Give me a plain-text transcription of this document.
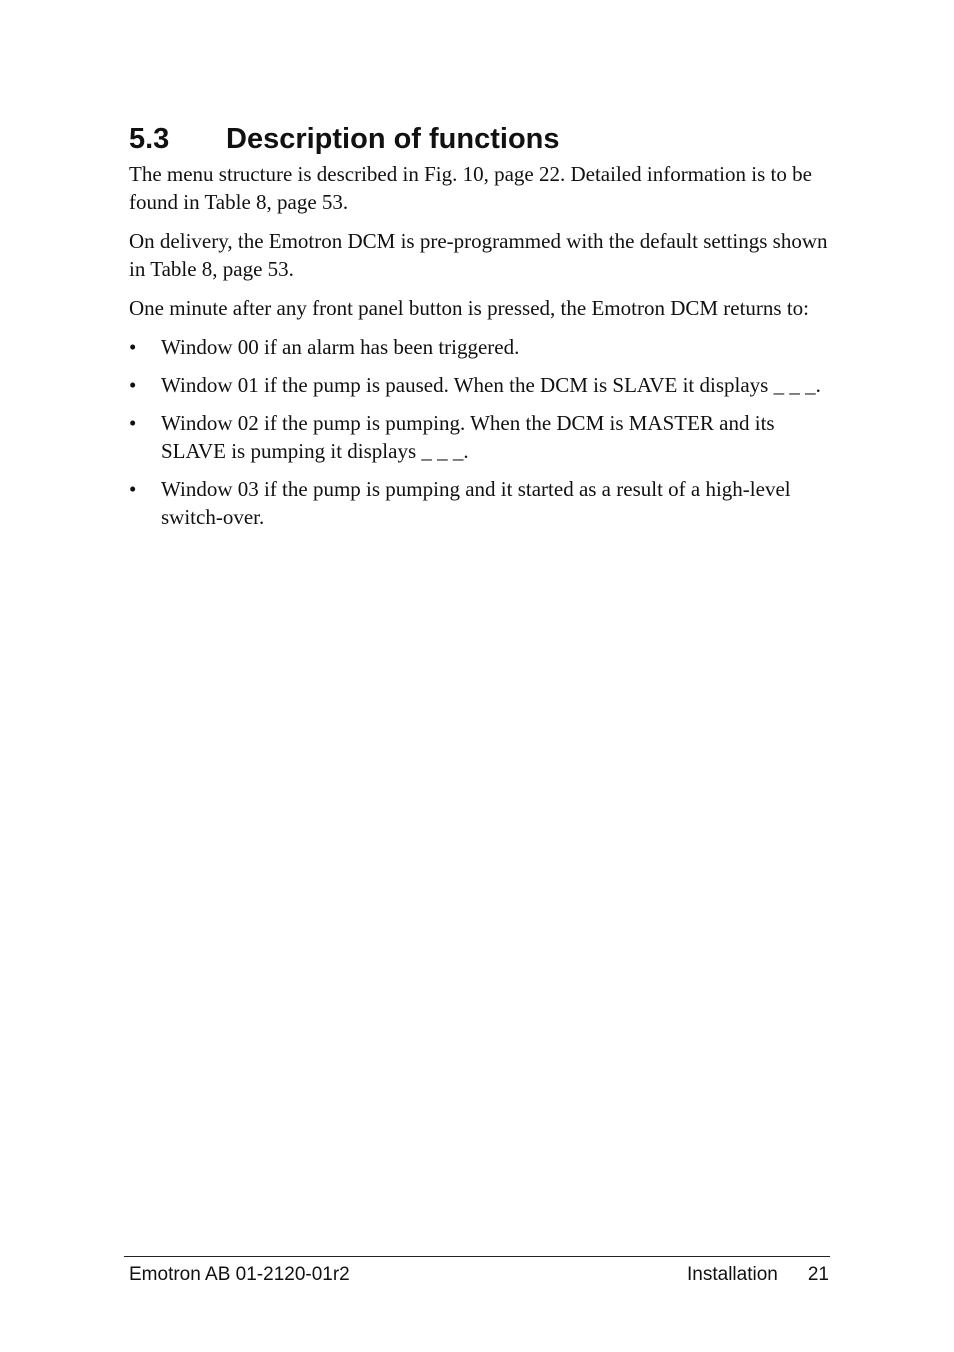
5.3 Description of functions

The menu structure is described in Fig. 10, page 22. Detailed information is to be found in Table 8, page 53.

On delivery, the Emotron DCM is pre-programmed with the default settings shown in Table 8, page 53.

One minute after any front panel button is pressed, the Emotron DCM returns to:

• Window 00 if an alarm has been triggered.
• Window 01 if the pump is paused. When the DCM is SLAVE it displays _ _ _.
• Window 02 if the pump is pumping. When the DCM is MASTER and its SLAVE is pumping it displays _ _ _.
• Window 03 if the pump is pumping and it started as a result of a high-level switch-over.
Emotron AB 01-2120-01r2	Installation 21
